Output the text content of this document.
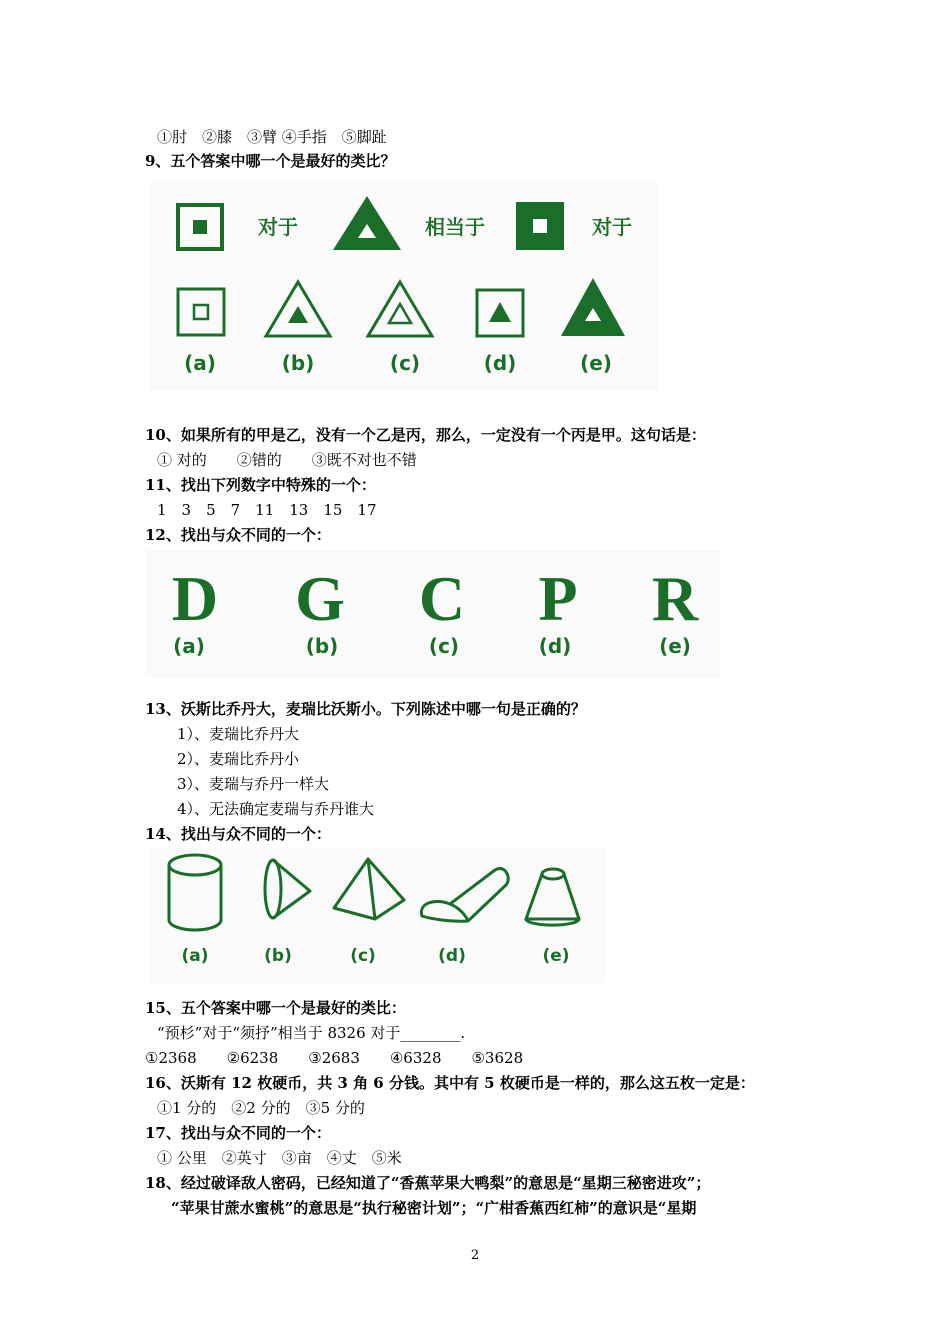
①肘　②膝　③臂 ④手指　⑤脚趾
9、五个答案中哪一个是最好的类比？
对于	相当于	对于
(a)	(b)	(c)	(d)	(e)
10、如果所有的甲是乙，没有一个乙是丙，那么，一定没有一个丙是甲。这句话是：
① 对的　　②错的　　③既不对也不错
11、找出下列数字中特殊的一个：
1　3　5　7　11　13　15　17
12、找出与众不同的一个：
D G C P R
(a)	(b)	(c)	(d)	(e)
13、沃斯比乔丹大，麦瑞比沃斯小。下列陈述中哪一句是正确的？
1）、麦瑞比乔丹大
2）、麦瑞比乔丹小
3）、麦瑞与乔丹一样大
4）、无法确定麦瑞与乔丹谁大
14、找出与众不同的一个：
(a)	(b)	(c)	(d)	(e)
15、五个答案中哪一个是最好的类比：
“预杉”对于“须抒”相当于 8326 对于________.
①2368　　②6238　　③2683　　④6328　　⑤3628
16、沃斯有 12 枚硬币，共 3 角 6 分钱。其中有 5 枚硬币是一样的，那么这五枚一定是：
①1 分的　②2 分的　③5 分的
17、找出与众不同的一个：
① 公里　②英寸　③亩　④丈　⑤米
18、经过破译敌人密码，已经知道了“香蕉苹果大鸭梨”的意思是“星期三秘密进攻”；
“苹果甘蔗水蜜桃”的意思是“执行秘密计划”；“广柑香蕉西红柿”的意识是“星期
2
